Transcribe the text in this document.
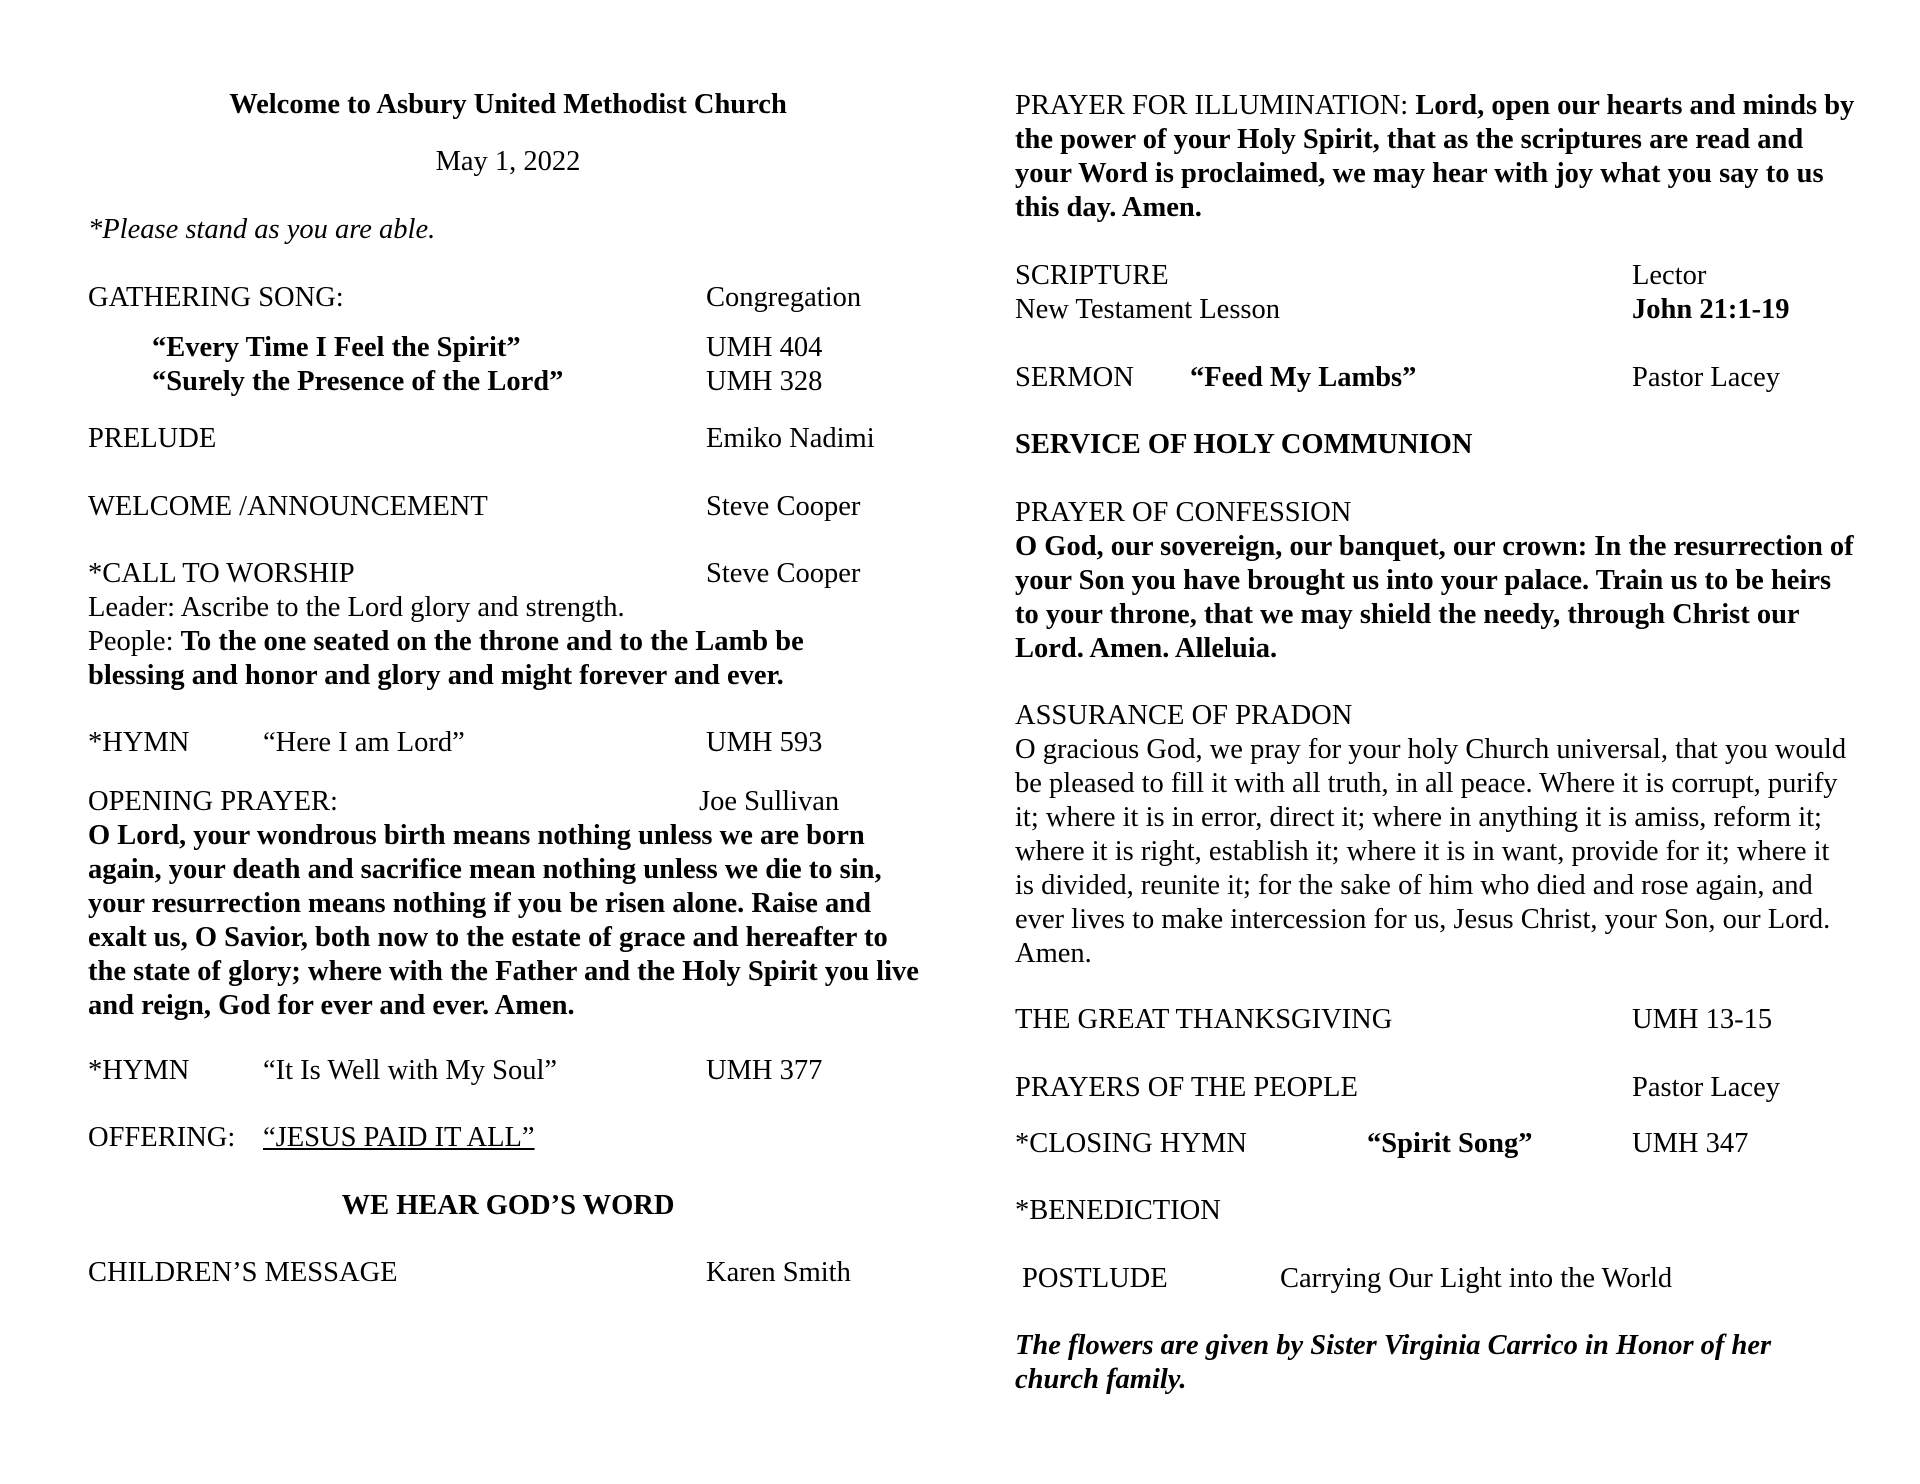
Welcome to Asbury United Methodist Church
May 1, 2022
*Please stand as you are able.
GATHERING SONG:	Congregation
“Every Time I Feel the Spirit”	UMH 404
“Surely the Presence of the Lord”	UMH 328
PRELUDE	Emiko Nadimi
WELCOME /ANNOUNCEMENT	Steve Cooper
*CALL TO WORSHIP	Steve Cooper
Leader: Ascribe to the Lord glory and strength.
People: To the one seated on the throne and to the Lamb be blessing and honor and glory and might forever and ever.
*HYMN	“Here I am Lord”	UMH 593
OPENING PRAYER:	Joe Sullivan
O Lord, your wondrous birth means nothing unless we are born again, your death and sacrifice mean nothing unless we die to sin, your resurrection means nothing if you be risen alone. Raise and exalt us, O Savior, both now to the estate of grace and hereafter to the state of glory; where with the Father and the Holy Spirit you live and reign, God for ever and ever. Amen.
*HYMN	“It Is Well with My Soul”	UMH 377
OFFERING: “JESUS PAID IT ALL”
WE HEAR GOD’S WORD
CHILDREN’S MESSAGE	Karen Smith
PRAYER FOR ILLUMINATION: Lord, open our hearts and minds by the power of your Holy Spirit, that as the scriptures are read and your Word is proclaimed, we may hear with joy what you say to us this day. Amen.
SCRIPTURE	Lector
New Testament Lesson	John 21:1-19
SERMON “Feed My Lambs”	Pastor Lacey
SERVICE OF HOLY COMMUNION
PRAYER OF CONFESSION
O God, our sovereign, our banquet, our crown: In the resurrection of your Son you have brought us into your palace. Train us to be heirs to your throne, that we may shield the needy, through Christ our Lord. Amen. Alleluia.
ASSURANCE OF PRADON
O gracious God, we pray for your holy Church universal, that you would be pleased to fill it with all truth, in all peace. Where it is corrupt, purify it; where it is in error, direct it; where in anything it is amiss, reform it; where it is right, establish it; where it is in want, provide for it; where it is divided, reunite it; for the sake of him who died and rose again, and ever lives to make intercession for us, Jesus Christ, your Son, our Lord. Amen.
THE GREAT THANKSGIVING	UMH 13-15
PRAYERS OF THE PEOPLE	Pastor Lacey
*CLOSING HYMN	“Spirit Song”	UMH 347
*BENEDICTION
POSTLUDE	Carrying Our Light into the World
The flowers are given by Sister Virginia Carrico in Honor of her church family.
